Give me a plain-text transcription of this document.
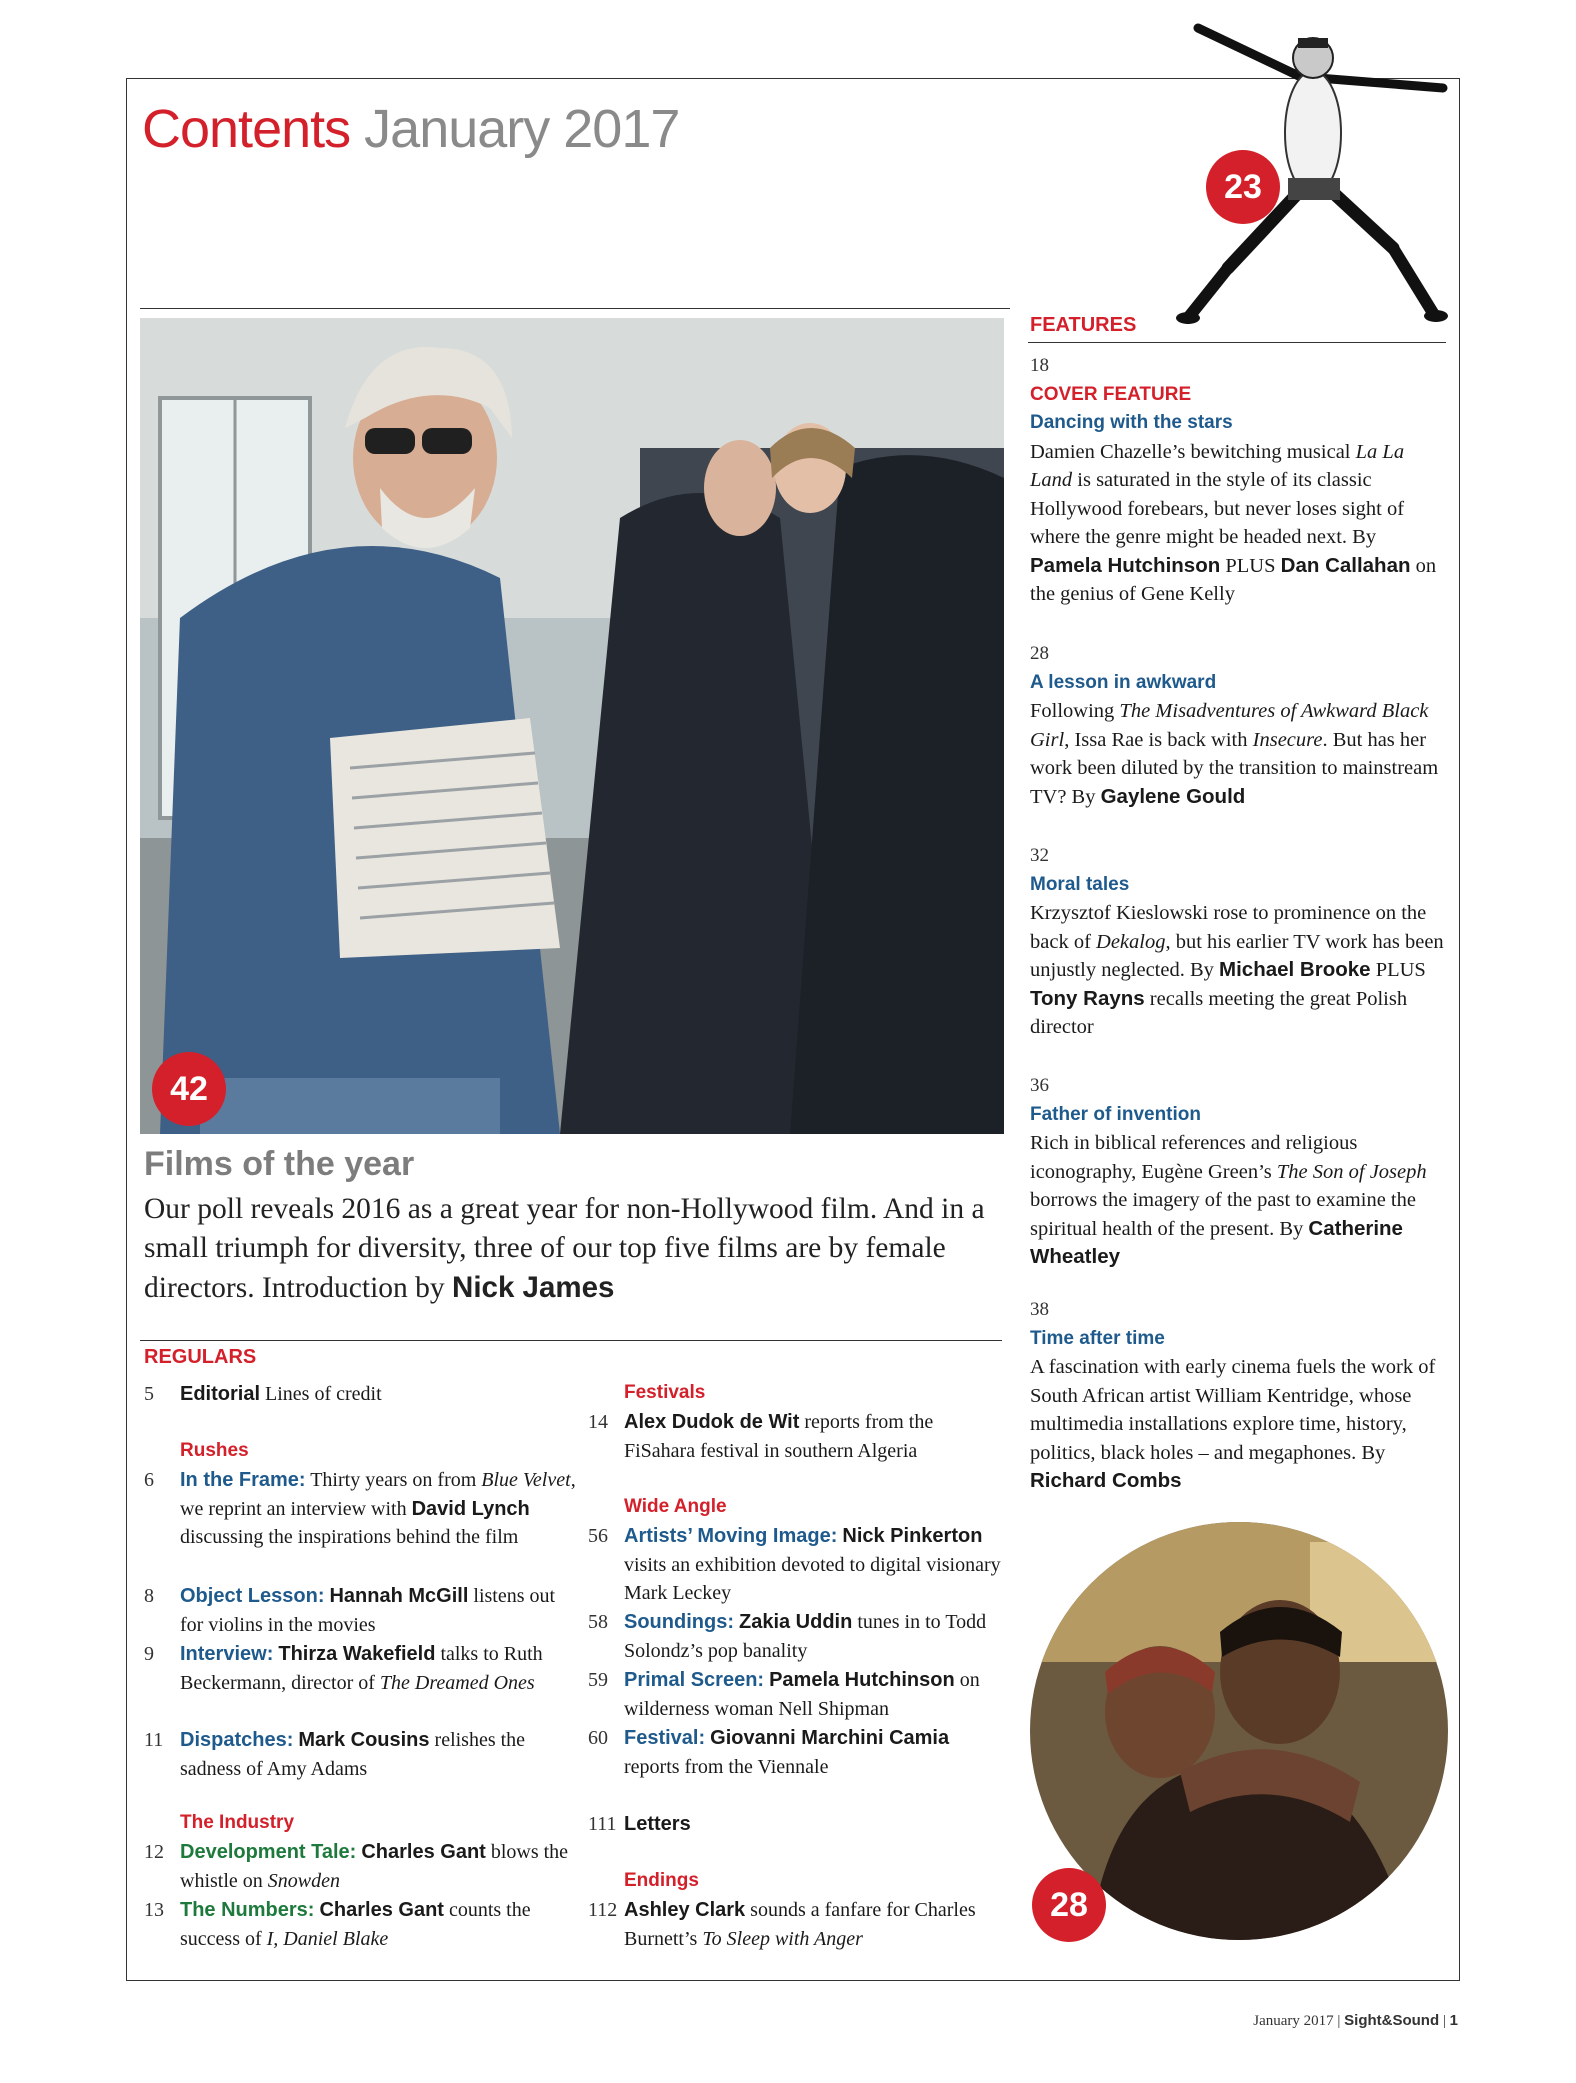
Contents January 2017
23
42
Films of the year
Our poll reveals 2016 as a great year for non-Hollywood film. And in a small triumph for diversity, three of our top five films are by female directors. Introduction by Nick James
FEATURES
18
COVER FEATURE
Dancing with the stars
Damien Chazelle’s bewitching musical La La Land is saturated in the style of its classic Hollywood forebears, but never loses sight of where the genre might be headed next. By Pamela Hutchinson PLUS Dan Callahan on the genius of Gene Kelly
28
A lesson in awkward
Following The Misadventures of Awkward Black Girl, Issa Rae is back with Insecure. But has her work been diluted by the transition to mainstream TV? By Gaylene Gould
32
Moral tales
Krzysztof Kieslowski rose to prominence on the back of Dekalog, but his earlier TV work has been unjustly neglected. By Michael Brooke PLUS Tony Rayns recalls meeting the great Polish director
36
Father of invention
Rich in biblical references and religious iconography, Eugène Green’s The Son of Joseph borrows the imagery of the past to examine the spiritual health of the present. By Catherine Wheatley
38
Time after time
A fascination with early cinema fuels the work of South African artist William Kentridge, whose multimedia installations explore time, history, politics, black holes – and megaphones. By Richard Combs
28
REGULARS
5	Editorial Lines of credit
Rushes
6	In the Frame: Thirty years on from Blue Velvet, we reprint an interview with David Lynch discussing the inspirations behind the film
8	Object Lesson: Hannah McGill listens out for violins in the movies
9	Interview: Thirza Wakefield talks to Ruth Beckermann, director of The Dreamed Ones
11 Dispatches: Mark Cousins relishes the sadness of Amy Adams
The Industry
12 Development Tale: Charles Gant blows the whistle on Snowden
13 The Numbers: Charles Gant counts the success of I, Daniel Blake
Festivals
14 Alex Dudok de Wit reports from the FiSahara festival in southern Algeria
Wide Angle
56 Artists’ Moving Image: Nick Pinkerton visits an exhibition devoted to digital visionary Mark Leckey
58 Soundings: Zakia Uddin tunes in to Todd Solondz’s pop banality
59 Primal Screen: Pamela Hutchinson on wilderness woman Nell Shipman
60 Festival: Giovanni Marchini Camia reports from the Viennale
111 Letters
Endings
112 Ashley Clark sounds a fanfare for Charles Burnett’s To Sleep with Anger
January 2017 | Sight&Sound | 1
